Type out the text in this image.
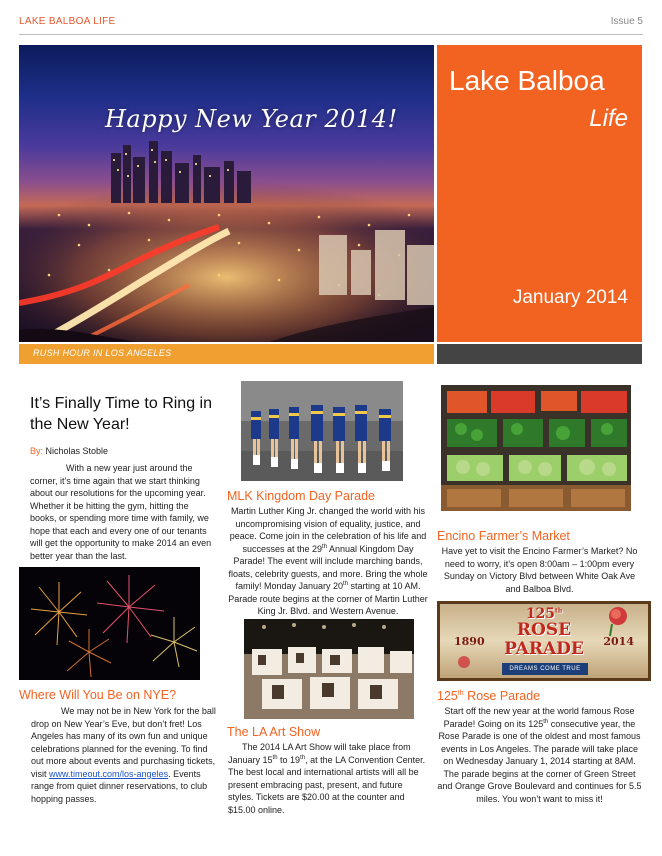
LAKE BALBOA LIFE	Issue 5
Happy New Year 2014!
RUSH HOUR IN LOS ANGELES
Lake Balboa
Life
January 2014
It’s Finally Time to Ring in the New Year!
By: Nicholas Stoble
With a new year just around the corner, it’s time again that we start thinking about our resolutions for the upcoming year. Whether it be hitting the gym, hitting the books, or spending more time with family, we hope that each and every one of our tenants will get the opportunity to make 2014 an even better year than the last.
Where Will You Be on NYE?
We may not be in New York for the ball drop on New Year’s Eve, but don’t fret! Los Angeles has many of its own fun and unique celebrations planned for the evening. To find out more about events and purchasing tickets, visit www.timeout.com/los-angeles. Events range from quiet dinner reservations, to club hopping passes.
MLK Kingdom Day Parade
Martin Luther King Jr. changed the world with his uncompromising vision of equality, justice, and peace. Come join in the celebration of his life and successes at the 29th Annual Kingdom Day Parade! The event will include marching bands, floats, celebrity guests, and more. Bring the whole family! Monday January 20th starting at 10 AM. Parade route begins at the corner of Martin Luther King Jr. Blvd. and Western Avenue.
The LA Art Show
The 2014 LA Art Show will take place from January 15th to 19th, at the LA Convention Center. The best local and international artists will all be present embracing past, present, and future styles. Tickets are $20.00 at the counter and $15.00 online.
Encino Farmer’s Market
Have yet to visit the Encino Farmer’s Market? No need to worry, it’s open 8:00am – 1:00pm every Sunday on Victory Blvd between White Oak Ave and Balboa Blvd.
1890	2014
125th
ROSE
PARADE
DREAMS COME TRUE
125th Rose Parade
Start off the new year at the world famous Rose Parade! Going on its 125th consecutive year, the Rose Parade is one of the oldest and most famous events in Los Angeles. The parade will take place on Wednesday January 1, 2014 starting at 8AM. The parade begins at the corner of Green Street and Orange Grove Boulevard and continues for 5.5 miles. You won’t want to miss it!
